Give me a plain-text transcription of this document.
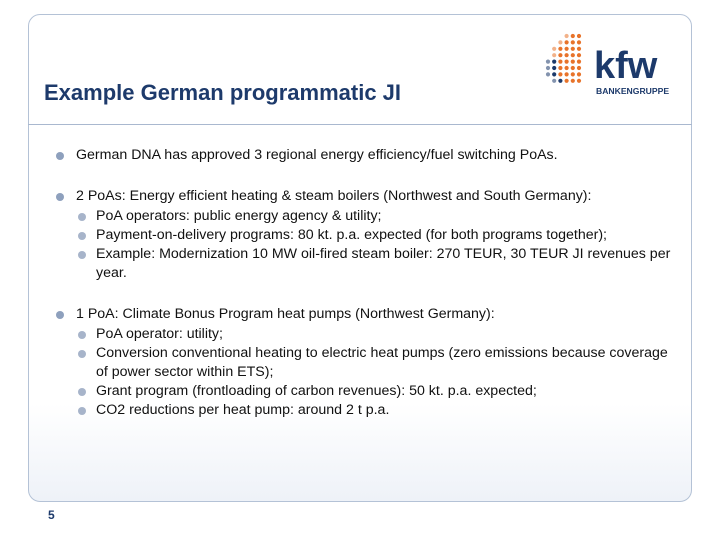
Example German programmatic JI
kfw
BANKENGRUPPE
German DNA has approved 3 regional energy efficiency/fuel switching PoAs.
2 PoAs: Energy efficient heating & steam boilers (Northwest and South Germany):
PoA operators: public energy agency & utility;
Payment-on-delivery programs: 80 kt. p.a. expected (for both programs together);
Example: Modernization 10 MW oil-fired steam boiler: 270 TEUR, 30 TEUR JI revenues per year.
1 PoA: Climate Bonus Program heat pumps (Northwest Germany):
PoA operator: utility;
Conversion conventional heating to electric heat pumps (zero emissions because coverage of power sector within ETS);
Grant program (frontloading of carbon revenues): 50 kt. p.a. expected;
CO2 reductions per heat pump: around 2 t p.a.
5
